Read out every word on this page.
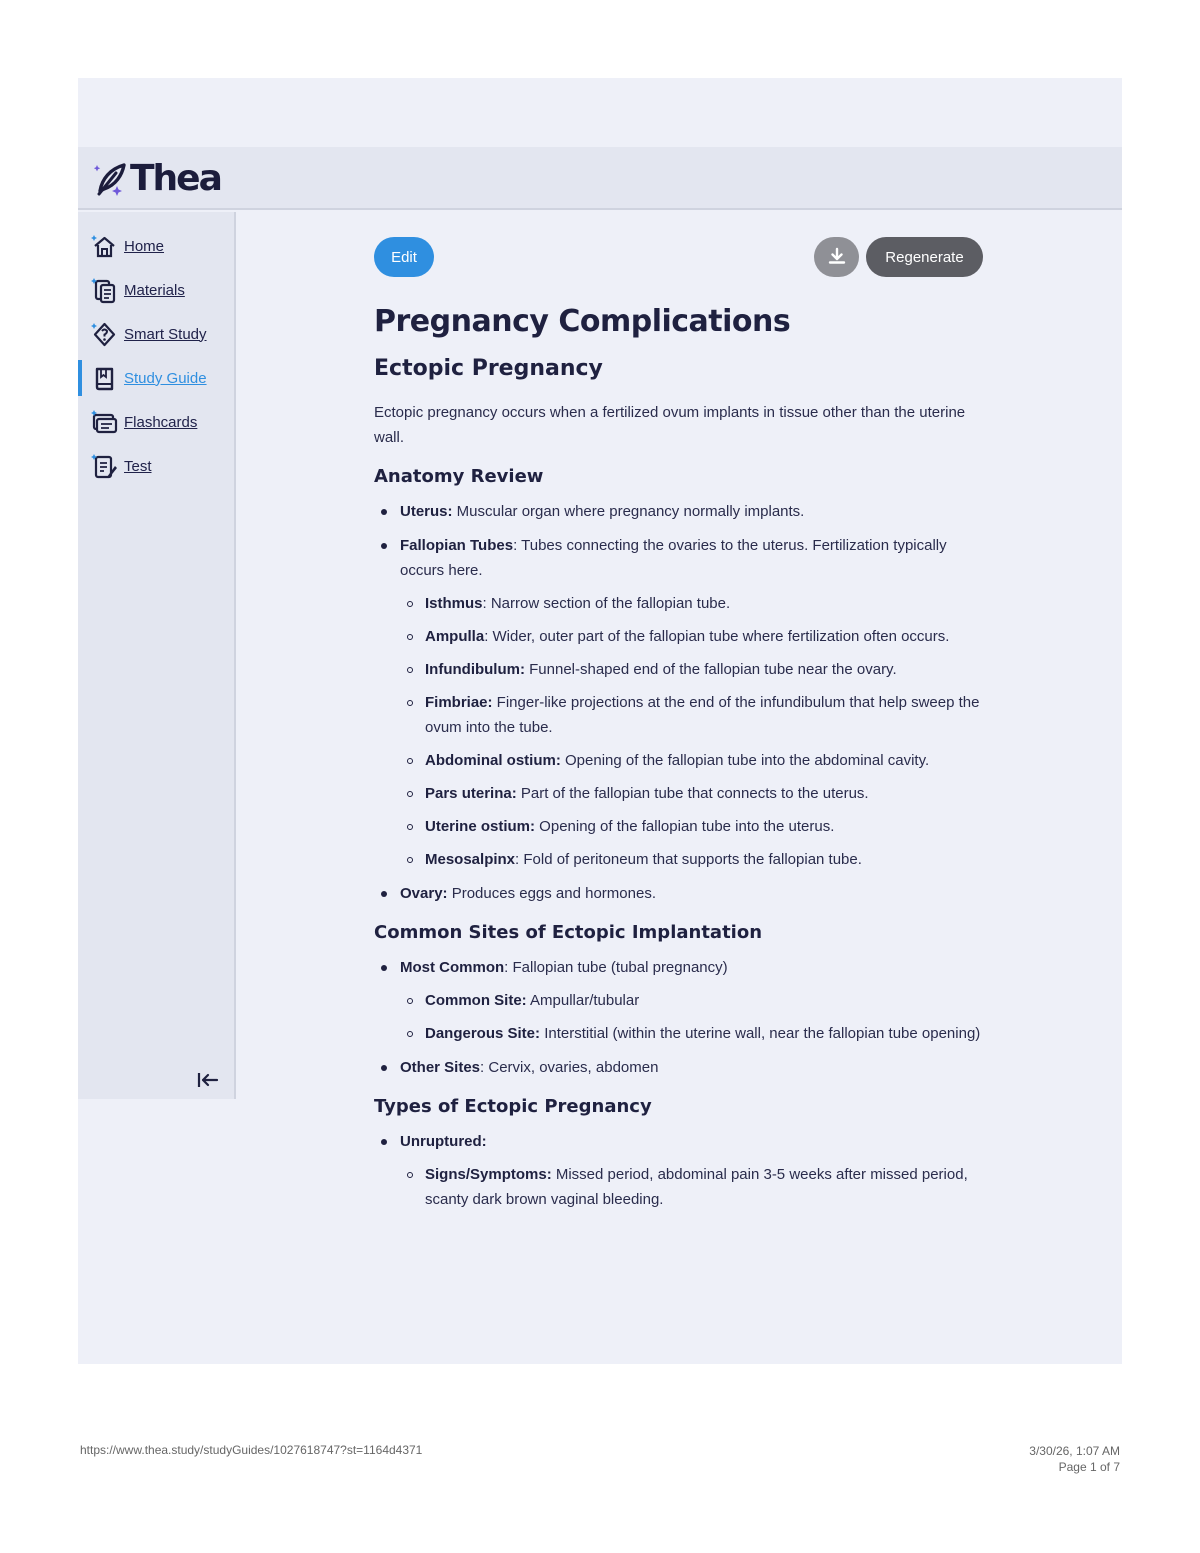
Thea
Home
Materials
Smart Study
Study Guide
Flashcards
Test
Edit	Regenerate
Pregnancy Complications
Ectopic Pregnancy

Ectopic pregnancy occurs when a fertilized ovum implants in tissue other than the uterine wall.

Anatomy Review
Uterus: Muscular organ where pregnancy normally implants.
Fallopian Tubes: Tubes connecting the ovaries to the uterus. Fertilization typically occurs here.
Isthmus: Narrow section of the fallopian tube.
Ampulla: Wider, outer part of the fallopian tube where fertilization often occurs.
Infundibulum: Funnel-shaped end of the fallopian tube near the ovary.
Fimbriae: Finger-like projections at the end of the infundibulum that help sweep the ovum into the tube.
Abdominal ostium: Opening of the fallopian tube into the abdominal cavity.
Pars uterina: Part of the fallopian tube that connects to the uterus.
Uterine ostium: Opening of the fallopian tube into the uterus.
Mesosalpinx: Fold of peritoneum that supports the fallopian tube.
Ovary: Produces eggs and hormones.
Common Sites of Ectopic Implantation
Most Common: Fallopian tube (tubal pregnancy)
Common Site: Ampullar/tubular
Dangerous Site: Interstitial (within the uterine wall, near the fallopian tube opening)
Other Sites: Cervix, ovaries, abdomen
Types of Ectopic Pregnancy
Unruptured:
Signs/Symptoms: Missed period, abdominal pain 3-5 weeks after missed period, scanty dark brown vaginal bleeding.
https://www.thea.study/studyGuides/1027618747?st=1164d4371	3/30/26, 1:07 AM
Page 1 of 7
